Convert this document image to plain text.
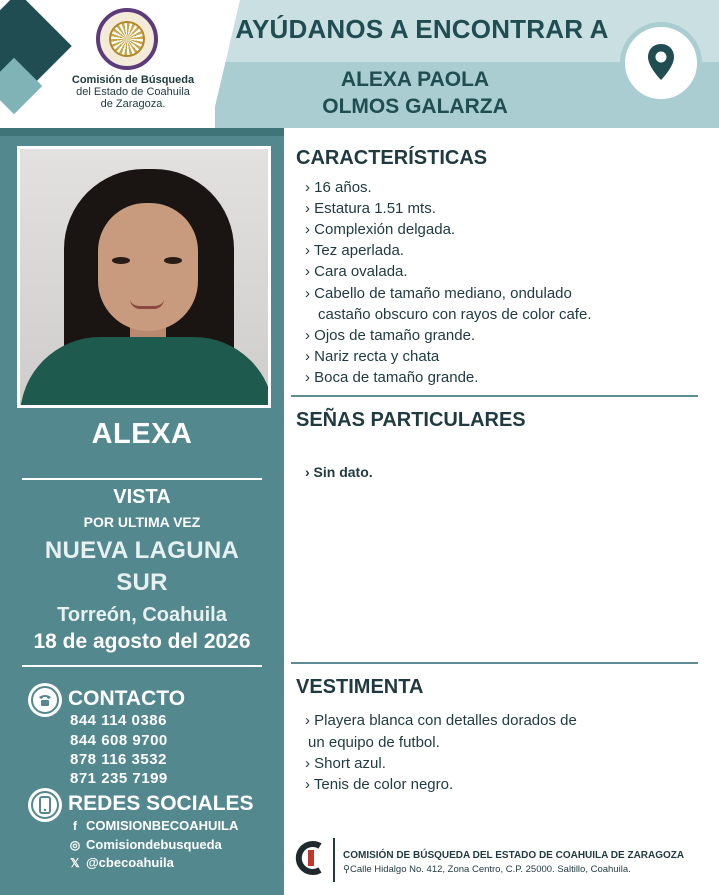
Comisión de Búsqueda
del Estado de Coahuila
de Zaragoza.
AYÚDANOS A ENCONTRAR A
ALEXA PAOLA
OLMOS GALARZA
ALEXA
VISTA
POR ULTIMA VEZ
NUEVA LAGUNA
SUR
Torreón, Coahuila
18 de agosto del 2026
CONTACTO
844 114 0386
844 608 9700
878 116 3532
871 235 7199
REDES SOCIALES
f COMISIONBECOAHUILA
◎ Comisiondebusqueda
𝕏 @cbecoahuila
CARACTERÍSTICAS
› 16 años.
› Estatura 1.51 mts.
› Complexión delgada.
› Tez aperlada.
› Cara ovalada.
› Cabello de tamaño mediano, ondulado
castaño obscuro con rayos de color cafe.
› Ojos de tamaño grande.
› Nariz recta y chata
› Boca de tamaño grande.
SEÑAS PARTICULARES
› Sin dato.
VESTIMENTA
› Playera blanca con detalles dorados de
un equipo de futbol.
› Short azul.
› Tenis de color negro.
COMISIÓN DE BÚSQUEDA DEL ESTADO DE COAHUILA DE ZARAGOZA
⚲Calle Hidalgo No. 412, Zona Centro, C.P. 25000. Saltillo, Coahuila.
